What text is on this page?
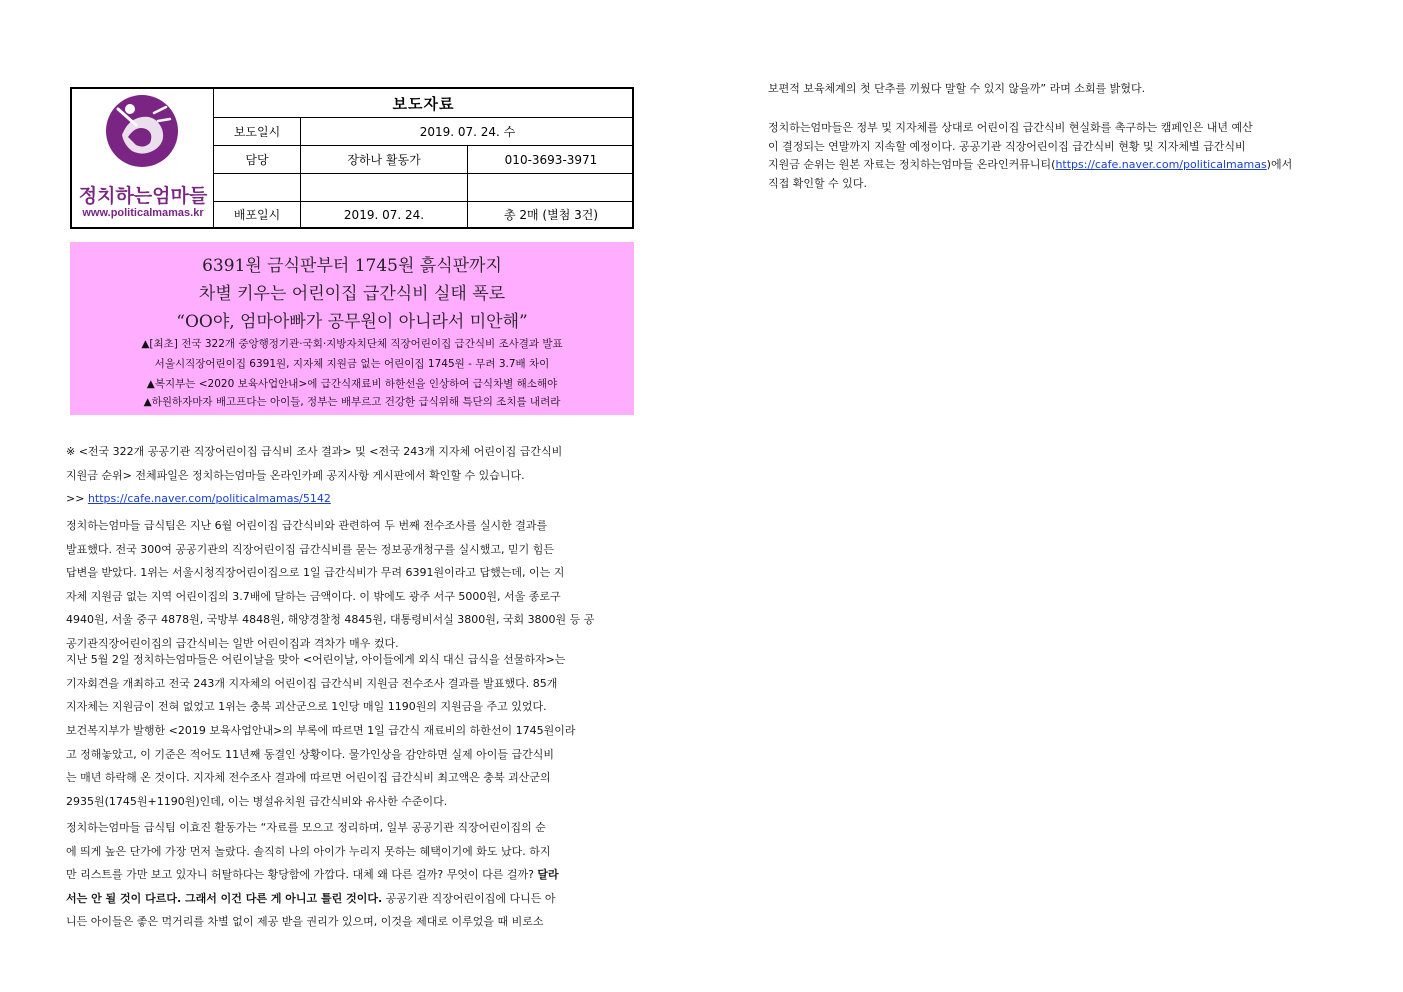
정치하는엄마들
www.politicalmamas.kr
보도자료
보도일시	2019. 07. 24. 수
담당	장하나 활동가	010-3693-3971
배포일시	2019. 07. 24.	총 2매 (별첨 3건)
6391원 금식판부터 1745원 흙식판까지
차별 키우는 어린이집 급간식비 실태 폭로
“OO야, 엄마아빠가 공무원이 아니라서 미안해”
▲[최초] 전국 322개 중앙행정기관·국회·지방자치단체 직장어린이집 급간식비 조사결과 발표
서울시직장어린이집 6391원, 지자체 지원금 없는 어린이집 1745원 - 무려 3.7배 차이
▲복지부는 <2020 보육사업안내>에 급간식재료비 하한선을 인상하여 급식차별 해소해야
▲하원하자마자 배고프다는 아이들, 정부는 배부르고 건강한 급식위해 특단의 조치를 내려라
※ <전국 322개 공공기관 직장어린이집 급식비 조사 결과> 및 <전국 243개 지자체 어린이집 급간식비
지원금 순위> 전체파일은 정치하는엄마들 온라인카페 공지사항 게시판에서 확인할 수 있습니다.
>> https://cafe.naver.com/politicalmamas/5142
정치하는엄마들 급식팀은 지난 6월 어린이집 급간식비와 관련하여 두 번째 전수조사를 실시한 결과를
발표했다. 전국 300여 공공기관의 직장어린이집 급간식비를 묻는 정보공개청구를 실시했고, 믿기 힘든
답변을 받았다. 1위는 서울시청직장어린이집으로 1일 급간식비가 무려 6391원이라고 답했는데, 이는 지
자체 지원금 없는 지역 어린이집의 3.7배에 달하는 금액이다. 이 밖에도 광주 서구 5000원, 서울 종로구
4940원, 서울 중구 4878원, 국방부 4848원, 해양경찰청 4845원, 대통령비서실 3800원, 국회 3800원 등 공
공기관직장어린이집의 급간식비는 일반 어린이집과 격차가 매우 컸다.
지난 5월 2일 정치하는엄마들은 어린이날을 맞아 <어린이날, 아이들에게 외식 대신 급식을 선물하자>는
기자회견을 개최하고 전국 243개 지자체의 어린이집 급간식비 지원금 전수조사 결과를 발표했다. 85개
지자체는 지원금이 전혀 없었고 1위는 충북 괴산군으로 1인당 매일 1190원의 지원금을 주고 있었다.
보건복지부가 발행한 <2019 보육사업안내>의 부록에 따르면 1일 급간식 재료비의 하한선이 1745원이라
고 정해놓았고, 이 기준은 적어도 11년째 동결인 상황이다. 물가인상을 감안하면 실제 아이들 급간식비
는 매년 하락해 온 것이다. 지자체 전수조사 결과에 따르면 어린이집 급간식비 최고액은 충북 괴산군의
2935원(1745원+1190원)인데, 이는 병설유치원 급간식비와 유사한 수준이다.
정치하는엄마들 급식팀 이효진 활동가는 “자료를 모으고 정리하며, 일부 공공기관 직장어린이집의 순
에 띄게 높은 단가에 가장 먼저 놀랐다. 솔직히 나의 아이가 누리지 못하는 혜택이기에 화도 났다. 하지
만 리스트를 가만 보고 있자니 허탈하다는 황당함에 가깝다. 대체 왜 다른 걸까? 무엇이 다른 걸까? 달라
서는 안 될 것이 다르다. 그래서 이건 다른 게 아니고 틀린 것이다. 공공기관 직장어린이집에 다니든 아
니든 아이들은 좋은 먹거리를 차별 없이 제공 받을 권리가 있으며, 이것을 제대로 이루었을 때 비로소
보편적 보육체계의 첫 단추를 끼웠다 말할 수 있지 않을까” 라며 소회를 밝혔다.
정치하는엄마들은 정부 및 지자체를 상대로 어린이집 급간식비 현실화를 촉구하는 캠페인은 내년 예산
이 결정되는 연말까지 지속할 예정이다. 공공기관 직장어린이집 급간식비 현황 및 지자체별 급간식비
지원금 순위는 원본 자료는 정치하는엄마들 온라인커뮤니티(https://cafe.naver.com/politicalmamas)에서
직접 확인할 수 있다.
